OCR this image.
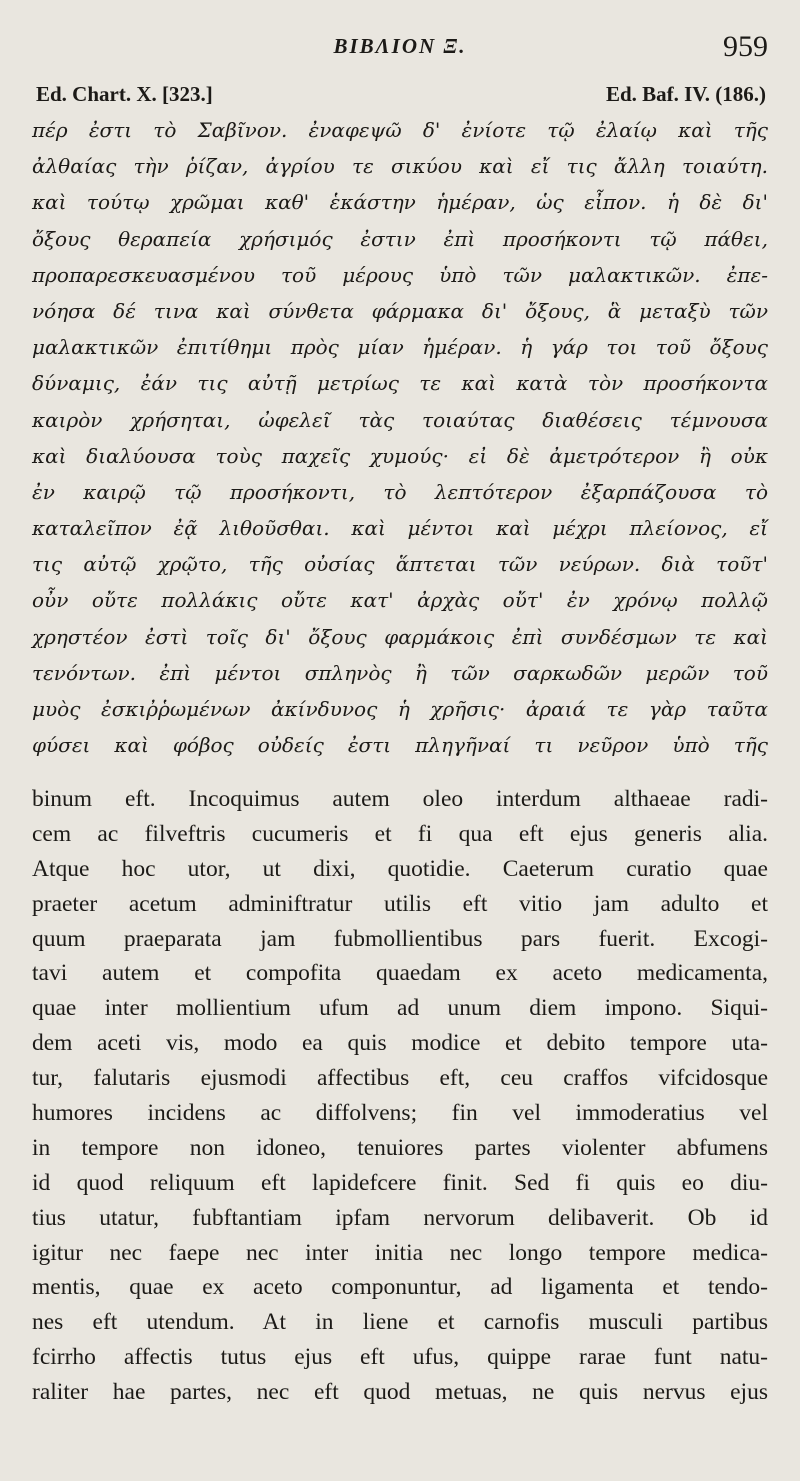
BIBΛΙΟΝ Ξ.	959
Ed. Chart. X. [323.]	Ed. Baf. IV. (186.)
πέρ ἐστι τὸ Σαβῖνον. ἐναφεψῶ δ' ἐνίοτε τῷ ἐλαίῳ καὶ τῆς
ἀλθαίας τὴν ῥίζαν, ἀγρίου τε σικύου καὶ εἴ τις ἄλλη τοιαύτη.
καὶ τούτῳ χρῶμαι καθ' ἑκάστην ἡμέραν, ὡς εἶπον. ἡ δὲ δι'
ὄξους θεραπεία χρήσιμός ἐστιν ἐπὶ προσήκοντι τῷ πάθει,
προπαρεσκευασμένου τοῦ μέρους ὑπὸ τῶν μαλακτικῶν. ἐπε-
νόησα δέ τινα καὶ σύνθετα φάρμακα δι' ὄξους, ἃ μεταξὺ τῶν
μαλακτικῶν ἐπιτίθημι πρὸς μίαν ἡμέραν. ἡ γάρ τοι τοῦ ὄξους
δύναμις, ἐάν τις αὐτῇ μετρίως τε καὶ κατὰ τὸν προσήκοντα
καιρὸν χρήσηται, ὠφελεῖ τὰς τοιαύτας διαθέσεις τέμνουσα
καὶ διαλύουσα τοὺς παχεῖς χυμούς· εἰ δὲ ἀμετρότερον ἢ οὐκ
ἐν καιρῷ τῷ προσήκοντι, τὸ λεπτότερον ἐξαρπάζουσα τὸ
καταλεῖπον ἐᾷ λιθοῦσθαι. καὶ μέντοι καὶ μέχρι πλείονος, εἴ
τις αὐτῷ χρῷτο, τῆς οὐσίας ἅπτεται τῶν νεύρων. διὰ τοῦτ'
οὖν οὔτε πολλάκις οὔτε κατ' ἀρχὰς οὔτ' ἐν χρόνῳ πολλῷ
χρηστέον ἐστὶ τοῖς δι' ὄξους φαρμάκοις ἐπὶ συνδέσμων τε καὶ
τενόντων. ἐπὶ μέντοι σπληνὸς ἢ τῶν σαρκωδῶν μερῶν τοῦ
μυὸς ἐσκιῤῥωμένων ἀκίνδυνος ἡ χρῆσις· ἀραιά τε γὰρ ταῦτα
φύσει καὶ φόβος οὐδείς ἐστι πληγῆναί τι νεῦρον ὑπὸ τῆς
binum eft. Incoquimus autem oleo interdum althaeae radi-
cem ac filveftris cucumeris et fi qua eft ejus generis alia.
Atque hoc utor, ut dixi, quotidie. Caeterum curatio quae
praeter acetum adminiftratur utilis eft vitio jam adulto et
quum praeparata jam fubmollientibus pars fuerit. Excogi-
tavi autem et compofita quaedam ex aceto medicamenta,
quae inter mollientium ufum ad unum diem impono. Siqui-
dem aceti vis, modo ea quis modice et debito tempore uta-
tur, falutaris ejusmodi affectibus eft, ceu craffos vifcidosque
humores incidens ac diffolvens; fin vel immoderatius vel
in tempore non idoneo, tenuiores partes violenter abfumens
id quod reliquum eft lapidefcere finit. Sed fi quis eo diu-
tius utatur, fubftantiam ipfam nervorum delibaverit. Ob id
igitur nec faepe nec inter initia nec longo tempore medica-
mentis, quae ex aceto componuntur, ad ligamenta et tendo-
nes eft utendum. At in liene et carnofis musculi partibus
fcirrho affectis tutus ejus eft ufus, quippe rarae funt natu-
raliter hae partes, nec eft quod metuas, ne quis nervus ejus
